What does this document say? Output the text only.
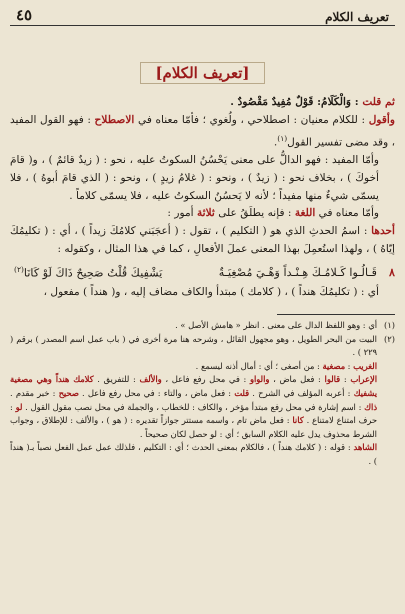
تعريف الكلام
٤٥
[تعريف الكلام]

ثم قلت : وَالْكَلَامُ: قَوْلٌ مُفِيدٌ مَقْصُودٌ .

وأقول : للكلام معنيان : اصطلاحي ، ولُغوي ؛ فأمّا معناه في الاصطلاح : فهو القول المفيد ، وقد مضى تفسير القول$^{(١)}$.

وأمّا المفيد : فهو الدالُّ على معنى يَحْسُنُ السكوتُ عليه ، نحو : ( زيدٌ قائمٌ ) ، و( قامَ أخوكَ ) ، بخلاف نحو : ( زيدٌ ) ، ونحو : ( غلامُ زيدٍ ) ، ونحو : ( الذي قامَ أبوهُ ) ، فلا يسمّى شيءٌ منها مفيداً ؛ لأنه لا يَحسُنُ السكوتُ عليه ، فلا يسمّى كلاماً .

وأمّا معناه في اللغة : فإنه يطلَقُ على ثلاثة أمور :

أحدها : اسمُ الحدثِ الذي هو ( التكليم ) ، تقول : ( أعجَبَني كلامُكَ زيداً ) ، أي : ( تكليمُكَ إيّاهُ ) ، ولهذا استُعمِلَ بهذا المعنى عملَ الأفعالِ ، كما في هذا المثال ، وكقوله :

٨
قَـالُـوا كَـلامُـكَ هِـنْـداً وَهْـيَ مُصْغِيَـةٌ
يَشْفِيكَ قُلْتُ صَحِيحٌ ذَاكَ لَوْ كَانَا$^{(٢)}$

أي : ( تكليمُكَ هنداً ) ، ( كلامك ) مبتدأ والكاف مضاف إليه ، و( هنداً ) مفعول ،

(١)
أي : وهو اللفظ الدال على معنى . انظر « هامش الأصل » .
(٢)

البيت من البحر الطويل ، وهو مجهول القائل ، وشرحه هنا مرة أخرى في ( باب عمل اسم المصدر ) برقم ( ٢٢٩ ) .

الغريب : مصغية : من أصغى ؛ أي : أمال أذنه ليسمع .

الإعراب : قالوا : فعل ماض ، والواو : في محل رفع فاعل ، والألف : للتفريق . كلامك هنداً وهي مصغية يشفيك : أعربه المؤلف في الشرح . قلت : فعل ماض ، والتاء : في محل رفع فاعل . صحيح : خبر مقدم . ذاك : اسم إشارة في محل رفع مبتدأ مؤخر ، والكاف : للخطاب ، والجملة في محل نصب مقول القول . لو : حرف امتناع لامتناع . كانا : فعل ماض تام ، واسمه مستتر جوازاً تقديره : ( هو ) ، والألف : للإطلاق ، وجواب الشرط محذوف يدل عليه الكلام السابق ؛ أي : لو حصل لكان صحيحاً .

الشاهد : قوله : ( كلامك هنداً ) ، فالكلام بمعنى الحدث ؛ أي : التكليم ، فلذلك عمل عمل الفعل نصباً بـ( هنداً ) .
